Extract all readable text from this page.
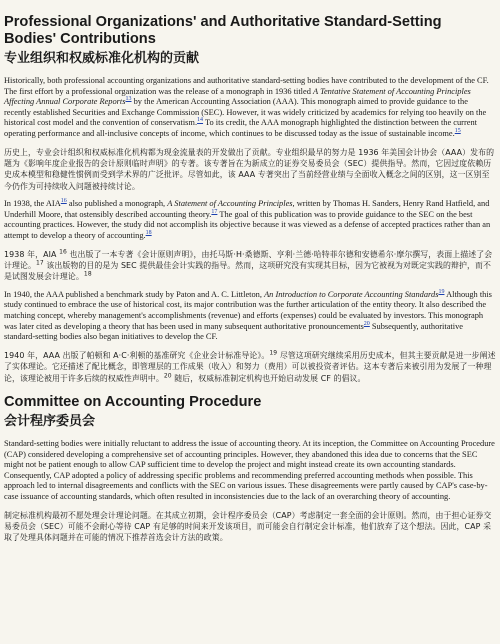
Professional Organizations' and Authoritative Standard-Setting Bodies' Contributions
专业组织和权威标准化机构的贡献

Historically, both professional accounting organizations and authoritative standard-setting bodies have contributed to the development of the CF. The first effort by a professional organization was the release of a monograph in 1936 titled A Tentative Statement of Accounting Principles Affecting Annual Corporate Reports$^{13}$ by the American Accounting Association (AAA). This monograph aimed to provide guidance to the recently established Securities and Exchange Commission (SEC). However, it was widely criticized by academics for relying too heavily on the historical cost model and the convention of conservatism.$^{14}$ To its credit, the AAA monograph highlighted the distinction between the current operating performance and all-inclusive concepts of income, which continues to be discussed today as the issue of sustainable income.$^{15}$

历史上，专业会计组织和权威标准化机构都为现金流量表的开发做出了贡献。专业组织最早的努力是 1936 年美国会计协会（AAA）发布的题为《影响年度企业报告的会计原则临时声明》的专著。该专著旨在为新成立的证券交易委员会（SEC）提供指导。然而，它因过度依赖历史成本模型和稳健性惯例而受到学术界的广泛批评。尽管如此，该 AAA 专著突出了当前经营业绩与全面收入概念之间的区别，这一区别至今仍作为可持续收入问题被持续讨论。

In 1938, the AIA$^{16}$ also published a monograph, A Statement of Accounting Principles, written by Thomas H. Sanders, Henry Rand Hatfield, and Underhill Moore, that ostensibly described accounting theory.$^{17}$ The goal of this publication was to provide guidance to the SEC on the best accounting practices. However, the study did not accomplish its objective because it was viewed as a defense of accepted practices rather than an attempt to develop a theory of accounting.$^{18}$

1938 年，AIA $^{16}$ 也出版了一本专著《会计原则声明》，由托马斯·H·桑德斯、亨利·兰德·哈特菲尔德和安德希尔·摩尔撰写，表面上描述了会计理论。$^{17}$ 该出版物的目的是为 SEC 提供最佳会计实践的指导。然而，这项研究没有实现其目标，因为它被视为对既定实践的辩护，而不是试图发展会计理论。$^{18}$

In 1940, the AAA published a benchmark study by Paton and A. C. Littleton, An Introduction to Corporate Accounting Standards$^{19}$ Although this study continued to embrace the use of historical cost, its major contribution was the further articulation of the entity theory. It also described the matching concept, whereby management's accomplishments (revenue) and efforts (expenses) could be evaluated by investors. This monograph was later cited as developing a theory that has been used in many subsequent authoritative pronouncements$^{20}$ Subsequently, authoritative standard-setting bodies also began initiatives to develop the CF.

1940 年，AAA 出版了帕顿和 A·C·利顿的基准研究《企业会计标准导论》。$^{19}$ 尽管这项研究继续采用历史成本，但其主要贡献是进一步阐述了实体理论。它还描述了配比概念，即管理层的工作成果（收入）和努力（费用）可以被投资者评估。这本专著后来被引用为发展了一种理论，该理论被用于许多后续的权威性声明中。$^{20}$ 随后，权威标准制定机构也开始启动发展 CF 的倡议。

Committee on Accounting Procedure
会计程序委员会

Standard-setting bodies were initially reluctant to address the issue of accounting theory. At its inception, the Committee on Accounting Procedure (CAP) considered developing a comprehensive set of accounting principles. However, they abandoned this idea due to concerns that the SEC might not be patient enough to allow CAP sufficient time to develop the project and might instead create its own accounting standards. Consequently, CAP adopted a policy of addressing specific problems and recommending preferred accounting methods when possible. This approach led to internal disagreements and conflicts with the SEC on various issues. These disagreements were partly caused by CAP's case-by-case issuance of accounting standards, which often resulted in inconsistencies due to the lack of an overarching theory of accounting.

制定标准机构最初不愿处理会计理论问题。在其成立初期，会计程序委员会（CAP）考虑制定一套全面的会计原则。然而，由于担心证券交易委员会（SEC）可能不会耐心等待 CAP 有足够的时间来开发该项目，而可能会自行制定会计标准，他们放弃了这个想法。因此，CAP 采取了处理具体问题并在可能的情况下推荐首选会计方法的政策。
